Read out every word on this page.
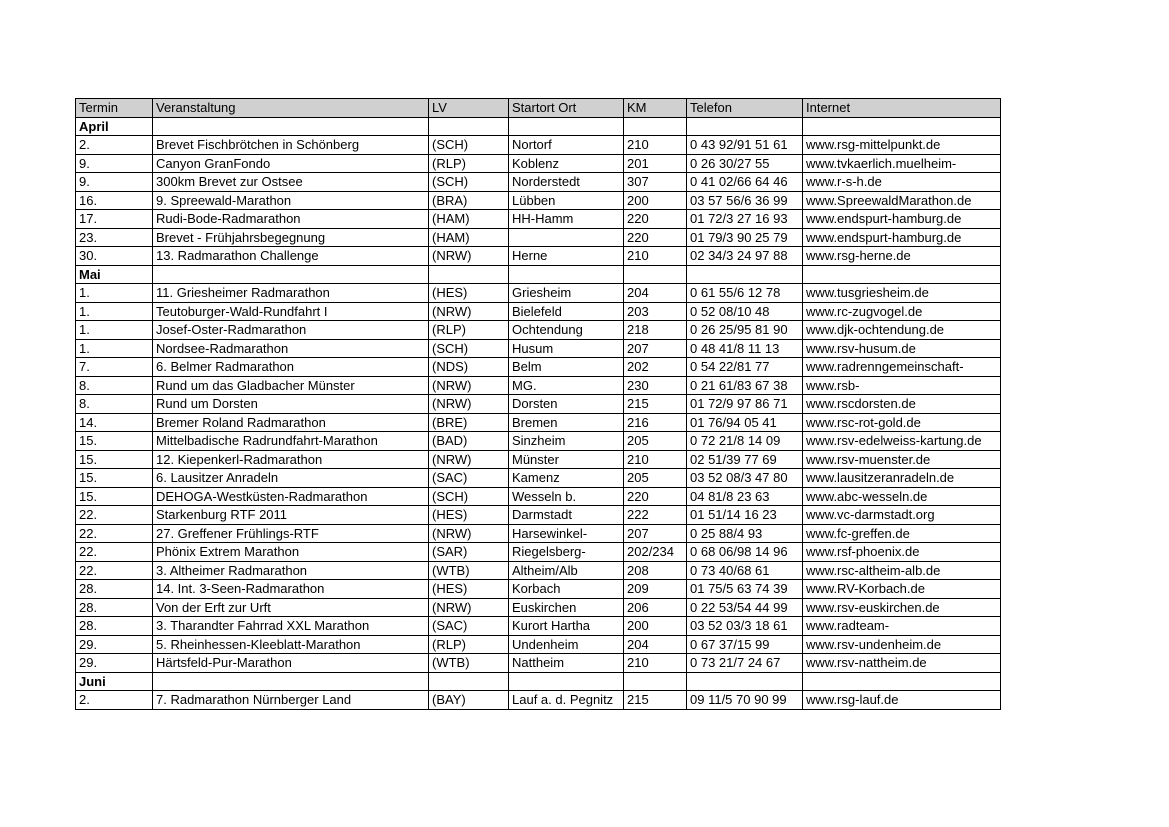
Termin	Veranstaltung	LV	Startort Ort	KM	Telefon	Internet
April						
2.	Brevet Fischbrötchen in Schönberg	(SCH)	Nortorf	210	0 43 92/91 51 61	www.rsg-mittelpunkt.de
9.	Canyon GranFondo	(RLP)	Koblenz	201	0 26 30/27 55	www.tvkaerlich.muelheim-
9.	300km Brevet zur Ostsee	(SCH)	Norderstedt	307	0 41 02/66 64 46	www.r-s-h.de
16.	9. Spreewald-Marathon	(BRA)	Lübben	200	03 57 56/6 36 99	www.SpreewaldMarathon.de
17.	Rudi-Bode-Radmarathon	(HAM)	HH-Hamm	220	01 72/3 27 16 93	www.endspurt-hamburg.de
23.	Brevet - Frühjahrsbegegnung	(HAM)		220	01 79/3 90 25 79	www.endspurt-hamburg.de
30.	13. Radmarathon Challenge	(NRW)	Herne	210	02 34/3 24 97 88	www.rsg-herne.de
Mai						
1.	11. Griesheimer Radmarathon	(HES)	Griesheim	204	0 61 55/6 12 78	www.tusgriesheim.de
1.	Teutoburger-Wald-Rundfahrt I	(NRW)	Bielefeld	203	0 52 08/10 48	www.rc-zugvogel.de
1.	Josef-Oster-Radmarathon	(RLP)	Ochtendung	218	0 26 25/95 81 90	www.djk-ochtendung.de
1.	Nordsee-Radmarathon	(SCH)	Husum	207	0 48 41/8 11 13	www.rsv-husum.de
7.	6. Belmer Radmarathon	(NDS)	Belm	202	0 54 22/81 77	www.radrenngemeinschaft-
8.	Rund um das Gladbacher Münster	(NRW)	MG.	230	0 21 61/83 67 38	www.rsb-
8.	Rund um Dorsten	(NRW)	Dorsten	215	01 72/9 97 86 71	www.rscdorsten.de
14.	Bremer Roland Radmarathon	(BRE)	Bremen	216	01 76/94 05 41	www.rsc-rot-gold.de
15.	Mittelbadische Radrundfahrt-Marathon	(BAD)	Sinzheim	205	0 72 21/8 14 09	www.rsv-edelweiss-kartung.de
15.	12. Kiepenkerl-Radmarathon	(NRW)	Münster	210	02 51/39 77 69	www.rsv-muenster.de
15.	6. Lausitzer Anradeln	(SAC)	Kamenz	205	03 52 08/3 47 80	www.lausitzeranradeln.de
15.	DEHOGA-Westküsten-Radmarathon	(SCH)	Wesseln b.	220	04 81/8 23 63	www.abc-wesseln.de
22.	Starkenburg RTF 2011	(HES)	Darmstadt	222	01 51/14 16 23	www.vc-darmstadt.org
22.	27. Greffener Frühlings-RTF	(NRW)	Harsewinkel-	207	0 25 88/4 93	www.fc-greffen.de
22.	Phönix Extrem Marathon	(SAR)	Riegelsberg-	202/234	0 68 06/98 14 96	www.rsf-phoenix.de
22.	3. Altheimer Radmarathon	(WTB)	Altheim/Alb	208	0 73 40/68 61	www.rsc-altheim-alb.de
28.	14. Int. 3-Seen-Radmarathon	(HES)	Korbach	209	01 75/5 63 74 39	www.RV-Korbach.de
28.	Von der Erft zur Urft	(NRW)	Euskirchen	206	0 22 53/54 44 99	www.rsv-euskirchen.de
28.	3. Tharandter Fahrrad XXL Marathon	(SAC)	Kurort Hartha	200	03 52 03/3 18 61	www.radteam-
29.	5. Rheinhessen-Kleeblatt-Marathon	(RLP)	Undenheim	204	0 67 37/15 99	www.rsv-undenheim.de
29.	Härtsfeld-Pur-Marathon	(WTB)	Nattheim	210	0 73 21/7 24 67	www.rsv-nattheim.de
Juni						
2.	7. Radmarathon Nürnberger Land	(BAY)	Lauf a. d. Pegnitz	215	09 11/5 70 90 99	www.rsg-lauf.de
